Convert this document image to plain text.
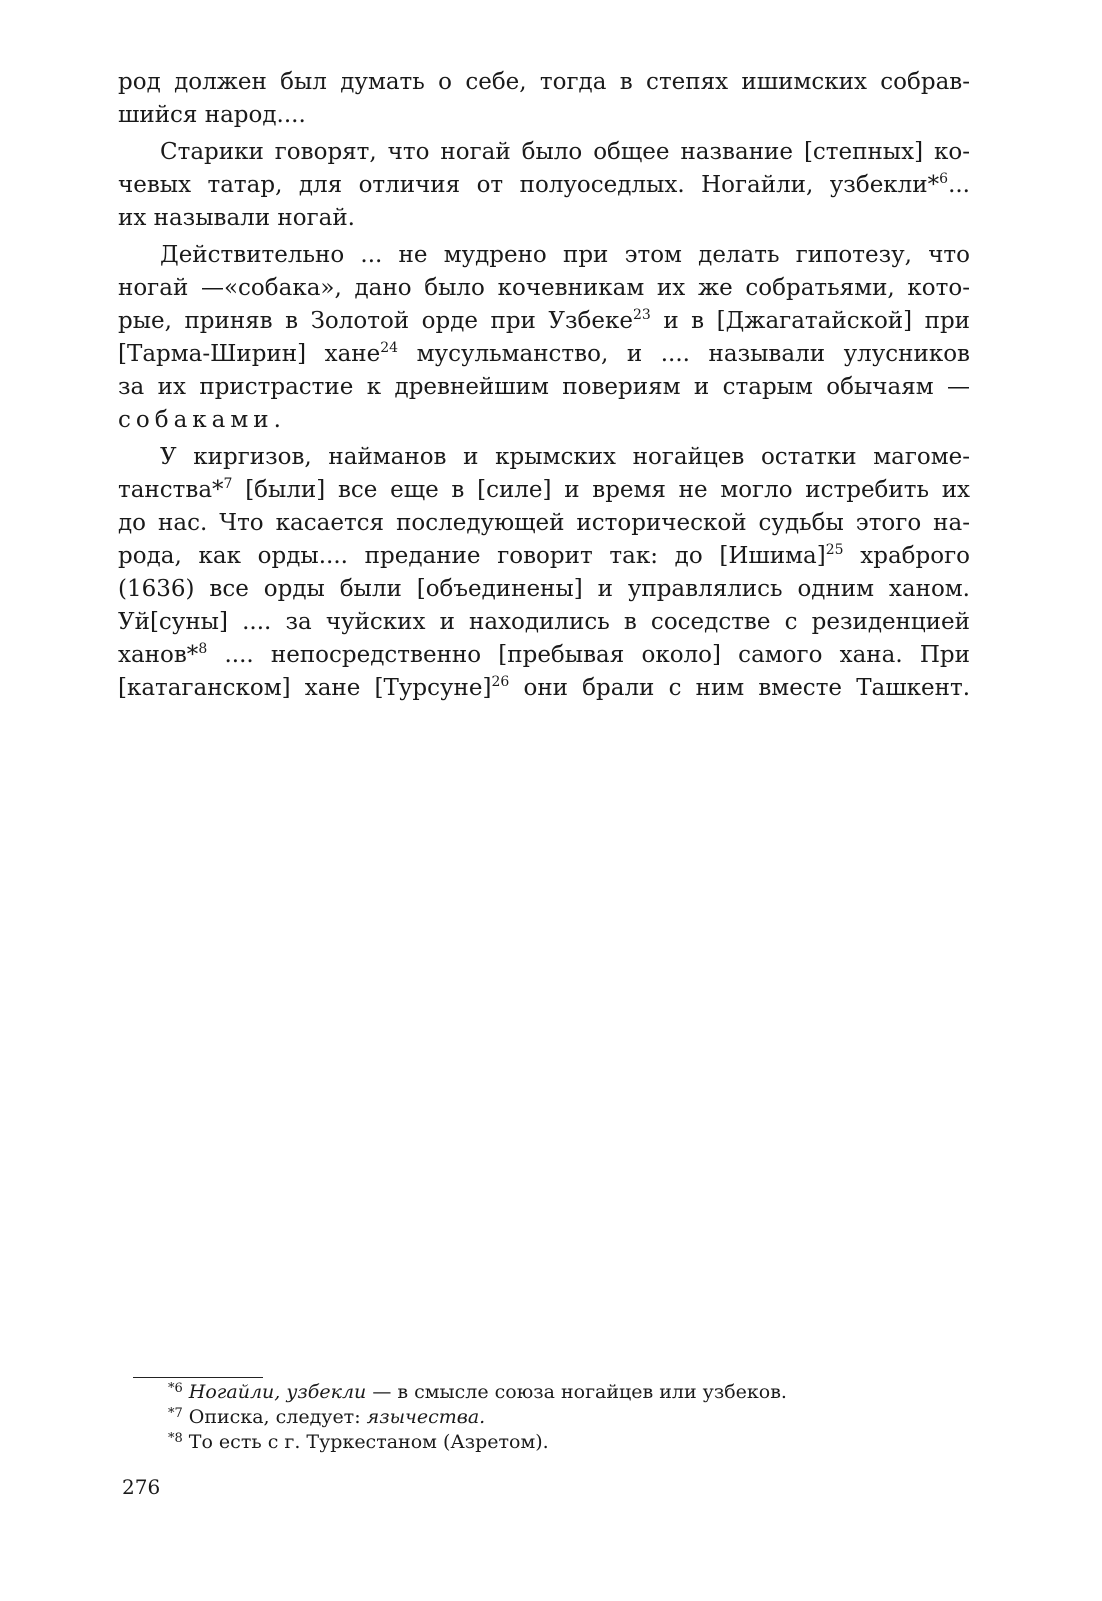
род должен был думать о себе, тогда в степях ишимских собрав-
шийся народ....
Старики говорят, что ногай было общее название [степных] ко-
чевых татар, для отличия от полуоседлых. Ногайли, узбекли*$^6$...
их называли ногай.
Действительно ... не мудрено при этом делать гипотезу, что
ногай —«собака», дано было кочевникам их же собратьями, кото-
рые, приняв в Золотой орде при Узбеке$^{23}$ и в [Джагатайской] при
[Тарма-Ширин] хане$^{24}$ мусульманство, и .... называли улусников
за их пристрастие к древнейшим повериям и старым обычаям —
собаками.
У киргизов, найманов и крымских ногайцев остатки магоме-
танства*$^7$ [были] все еще в [силе] и время не могло истребить их
до нас. Что касается последующей исторической судьбы этого на-
рода, как орды.... предание говорит так: до [Ишима]$^{25}$ храброго
(1636) все орды были [объединены] и управлялись одним ханом.
Уй[суны] .... за чуйских и находились в соседстве с резиденцией
ханов*$^8$ .... непосредственно [пребывая около] самого хана. При
[катаганском] хане [Турсуне]$^{26}$ они брали с ним вместе Ташкент.
$^{*6}$ Ногайли, узбекли — в смысле союза ногайцев или узбеков.
$^{*7}$ Описка, следует: язычества.
$^{*8}$ То есть с г. Туркестаном (Азретом).
276
